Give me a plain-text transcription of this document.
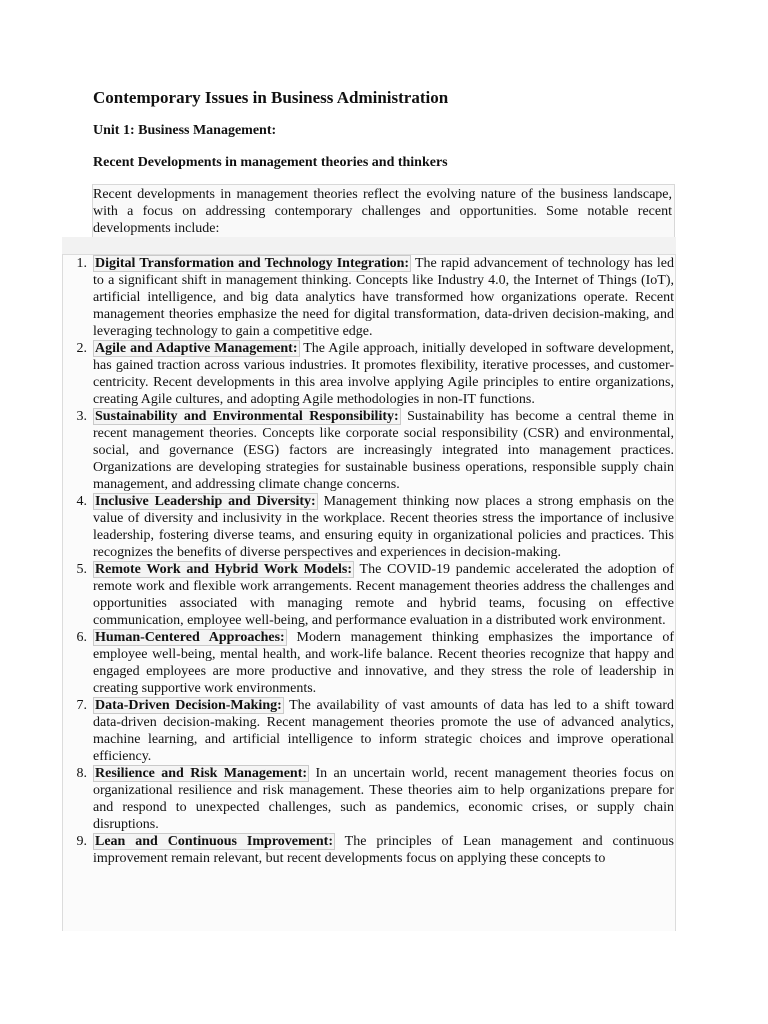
Contemporary Issues in Business Administration
Unit 1: Business Management:
Recent Developments in management theories and thinkers

Recent developments in management theories reflect the evolving nature of the business landscape, with a focus on addressing contemporary challenges and opportunities. Some notable recent developments include:

1. Digital Transformation and Technology Integration: The rapid advancement of technology has led to a significant shift in management thinking. Concepts like Industry 4.0, the Internet of Things (IoT), artificial intelligence, and big data analytics have transformed how organizations operate. Recent management theories emphasize the need for digital transformation, data-driven decision-making, and leveraging technology to gain a competitive edge.
2. Agile and Adaptive Management: The Agile approach, initially developed in software development, has gained traction across various industries. It promotes flexibility, iterative processes, and customer-centricity. Recent developments in this area involve applying Agile principles to entire organizations, creating Agile cultures, and adopting Agile methodologies in non-IT functions.
3. Sustainability and Environmental Responsibility: Sustainability has become a central theme in recent management theories. Concepts like corporate social responsibility (CSR) and environmental, social, and governance (ESG) factors are increasingly integrated into management practices. Organizations are developing strategies for sustainable business operations, responsible supply chain management, and addressing climate change concerns.
4. Inclusive Leadership and Diversity: Management thinking now places a strong emphasis on the value of diversity and inclusivity in the workplace. Recent theories stress the importance of inclusive leadership, fostering diverse teams, and ensuring equity in organizational policies and practices. This recognizes the benefits of diverse perspectives and experiences in decision-making.
5. Remote Work and Hybrid Work Models: The COVID-19 pandemic accelerated the adoption of remote work and flexible work arrangements. Recent management theories address the challenges and opportunities associated with managing remote and hybrid teams, focusing on effective communication, employee well-being, and performance evaluation in a distributed work environment.
6. Human-Centered Approaches: Modern management thinking emphasizes the importance of employee well-being, mental health, and work-life balance. Recent theories recognize that happy and engaged employees are more productive and innovative, and they stress the role of leadership in creating supportive work environments.
7. Data-Driven Decision-Making: The availability of vast amounts of data has led to a shift toward data-driven decision-making. Recent management theories promote the use of advanced analytics, machine learning, and artificial intelligence to inform strategic choices and improve operational efficiency.
8. Resilience and Risk Management: In an uncertain world, recent management theories focus on organizational resilience and risk management. These theories aim to help organizations prepare for and respond to unexpected challenges, such as pandemics, economic crises, or supply chain disruptions.
9. Lean and Continuous Improvement: The principles of Lean management and continuous improvement remain relevant, but recent developments focus on applying these concepts to
